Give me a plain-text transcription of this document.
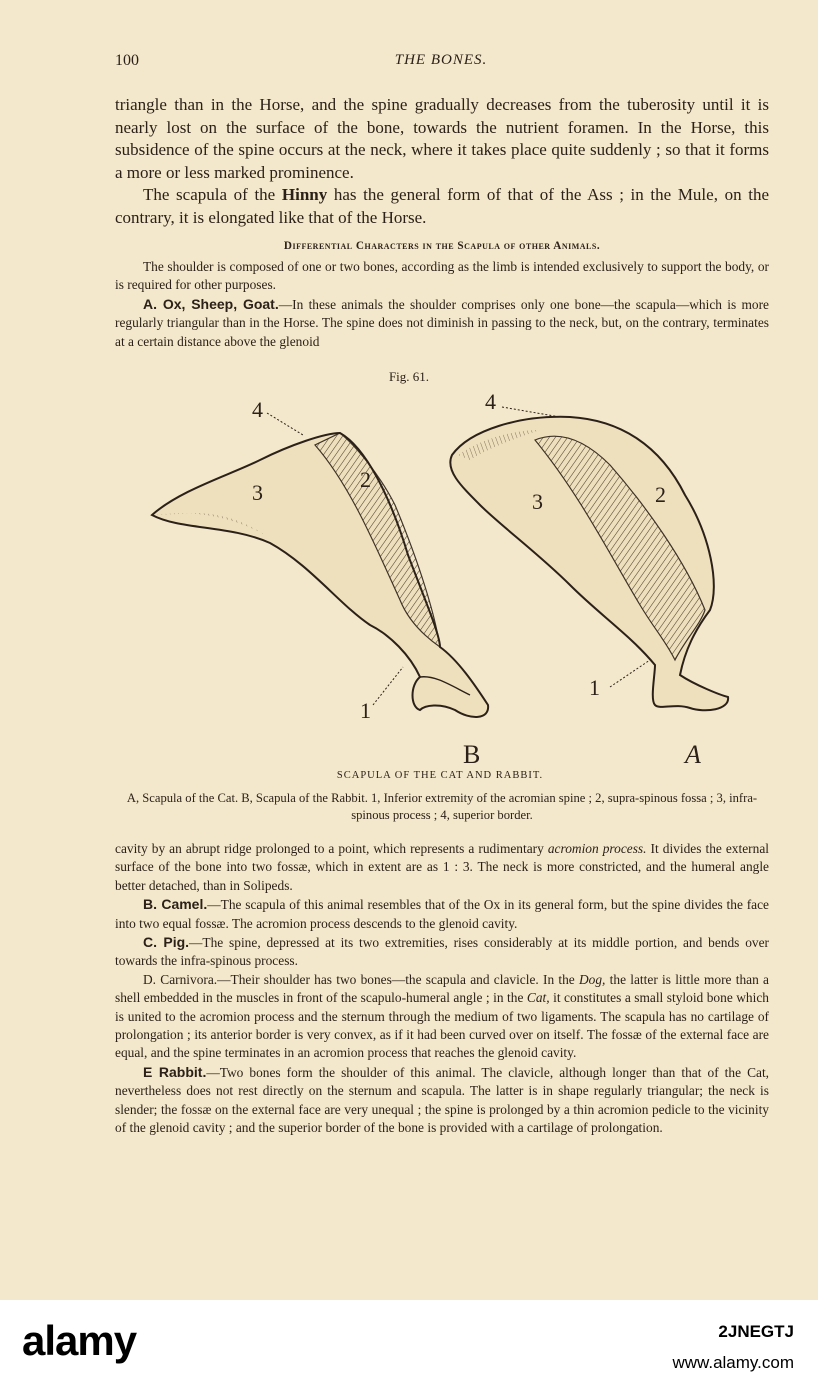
100	THE BONES.

triangle than in the Horse, and the spine gradually decreases from the tuberosity until it is nearly lost on the surface of the bone, towards the nutrient foramen. In the Horse, this subsidence of the spine occurs at the neck, where it takes place quite suddenly ; so that it forms a more or less marked prominence.

The scapula of the Hinny has the general form of that of the Ass ; in the Mule, on the contrary, it is elongated like that of the Horse.

Differential Characters in the Scapula of other Animals.

The shoulder is composed of one or two bones, according as the limb is intended exclusively to support the body, or is required for other purposes.

A. Ox, Sheep, Goat.—In these animals the shoulder comprises only one bone—the scapula—which is more regularly triangular than in the Horse. The spine does not diminish in passing to the neck, but, on the contrary, terminates at a certain distance above the glenoid

Fig. 61.
4
3
2
1
4
3	2
1
B	A
SCAPULA OF THE CAT AND RABBIT.
A, Scapula of the Cat. B, Scapula of the Rabbit. 1, Inferior extremity of the acromian spine ; 2, supra-spinous fossa ; 3, infra-spinous process ; 4, superior border.

cavity by an abrupt ridge prolonged to a point, which represents a rudimentary acromion process. It divides the external surface of the bone into two fossæ, which in extent are as 1 : 3. The neck is more constricted, and the humeral angle better detached, than in Solipeds.

B. Camel.—The scapula of this animal resembles that of the Ox in its general form, but the spine divides the face into two equal fossæ. The acromion process descends to the glenoid cavity.

C. Pig.—The spine, depressed at its two extremities, rises considerably at its middle portion, and bends over towards the infra-spinous process.

D. Carnivora.—Their shoulder has two bones—the scapula and clavicle. In the Dog, the latter is little more than a shell embedded in the muscles in front of the scapulo-humeral angle ; in the Cat, it constitutes a small styloid bone which is united to the acromion process and the sternum through the medium of two ligaments. The scapula has no cartilage of prolongation ; its anterior border is very convex, as if it had been curved over on itself. The fossæ of the external face are equal, and the spine terminates in an acromion process that reaches the glenoid cavity.

E Rabbit.—Two bones form the shoulder of this animal. The clavicle, although longer than that of the Cat, nevertheless does not rest directly on the sternum and scapula. The latter is in shape regularly triangular; the neck is slender; the fossæ on the external face are very unequal ; the spine is prolonged by a thin acromion pedicle to the vicinity of the glenoid cavity ; and the superior border of the bone is provided with a cartilage of prolongation.

alamy	2JNEGTJ
www.alamy.com
